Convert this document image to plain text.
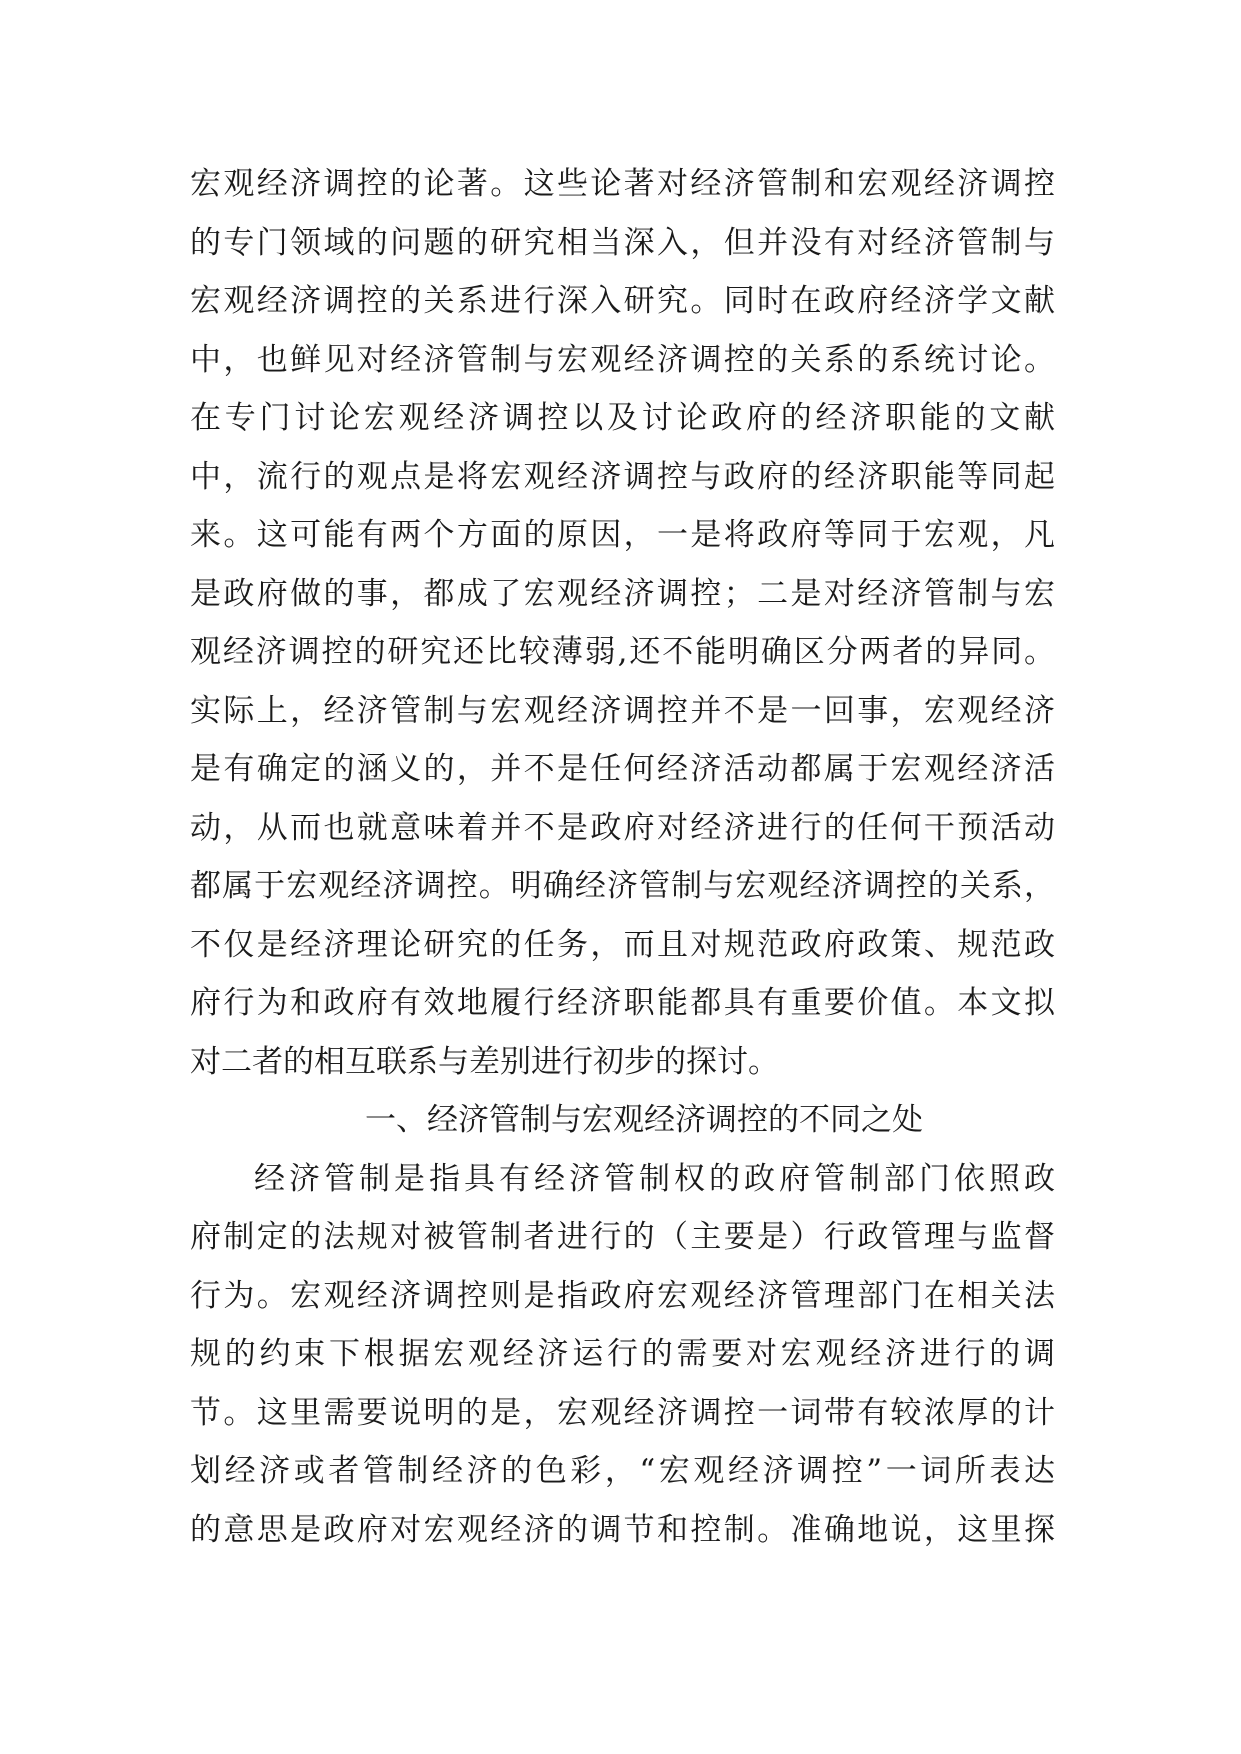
宏观经济调控的论著。这些论著对经济管制和宏观经济调控
的专门领域的问题的研究相当深入，但并没有对经济管制与
宏观经济调控的关系进行深入研究。同时在政府经济学文献
中，也鲜见对经济管制与宏观经济调控的关系的系统讨论。
在专门讨论宏观经济调控以及讨论政府的经济职能的文献
中，流行的观点是将宏观经济调控与政府的经济职能等同起
来。这可能有两个方面的原因，一是将政府等同于宏观，凡
是政府做的事，都成了宏观经济调控；二是对经济管制与宏
观经济调控的研究还比较薄弱,还不能明确区分两者的异同。
实际上，经济管制与宏观经济调控并不是一回事，宏观经济
是有确定的涵义的，并不是任何经济活动都属于宏观经济活
动，从而也就意味着并不是政府对经济进行的任何干预活动
都属于宏观经济调控。明确经济管制与宏观经济调控的关系，
不仅是经济理论研究的任务，而且对规范政府政策、规范政
府行为和政府有效地履行经济职能都具有重要价值。本文拟
对二者的相互联系与差别进行初步的探讨。
一、经济管制与宏观经济调控的不同之处
经济管制是指具有经济管制权的政府管制部门依照政
府制定的法规对被管制者进行的（主要是）行政管理与监督
行为。宏观经济调控则是指政府宏观经济管理部门在相关法
规的约束下根据宏观经济运行的需要对宏观经济进行的调
节。这里需要说明的是，宏观经济调控一词带有较浓厚的计
划经济或者管制经济的色彩，“宏观经济调控”一词所表达
的意思是政府对宏观经济的调节和控制。准确地说，这里探
